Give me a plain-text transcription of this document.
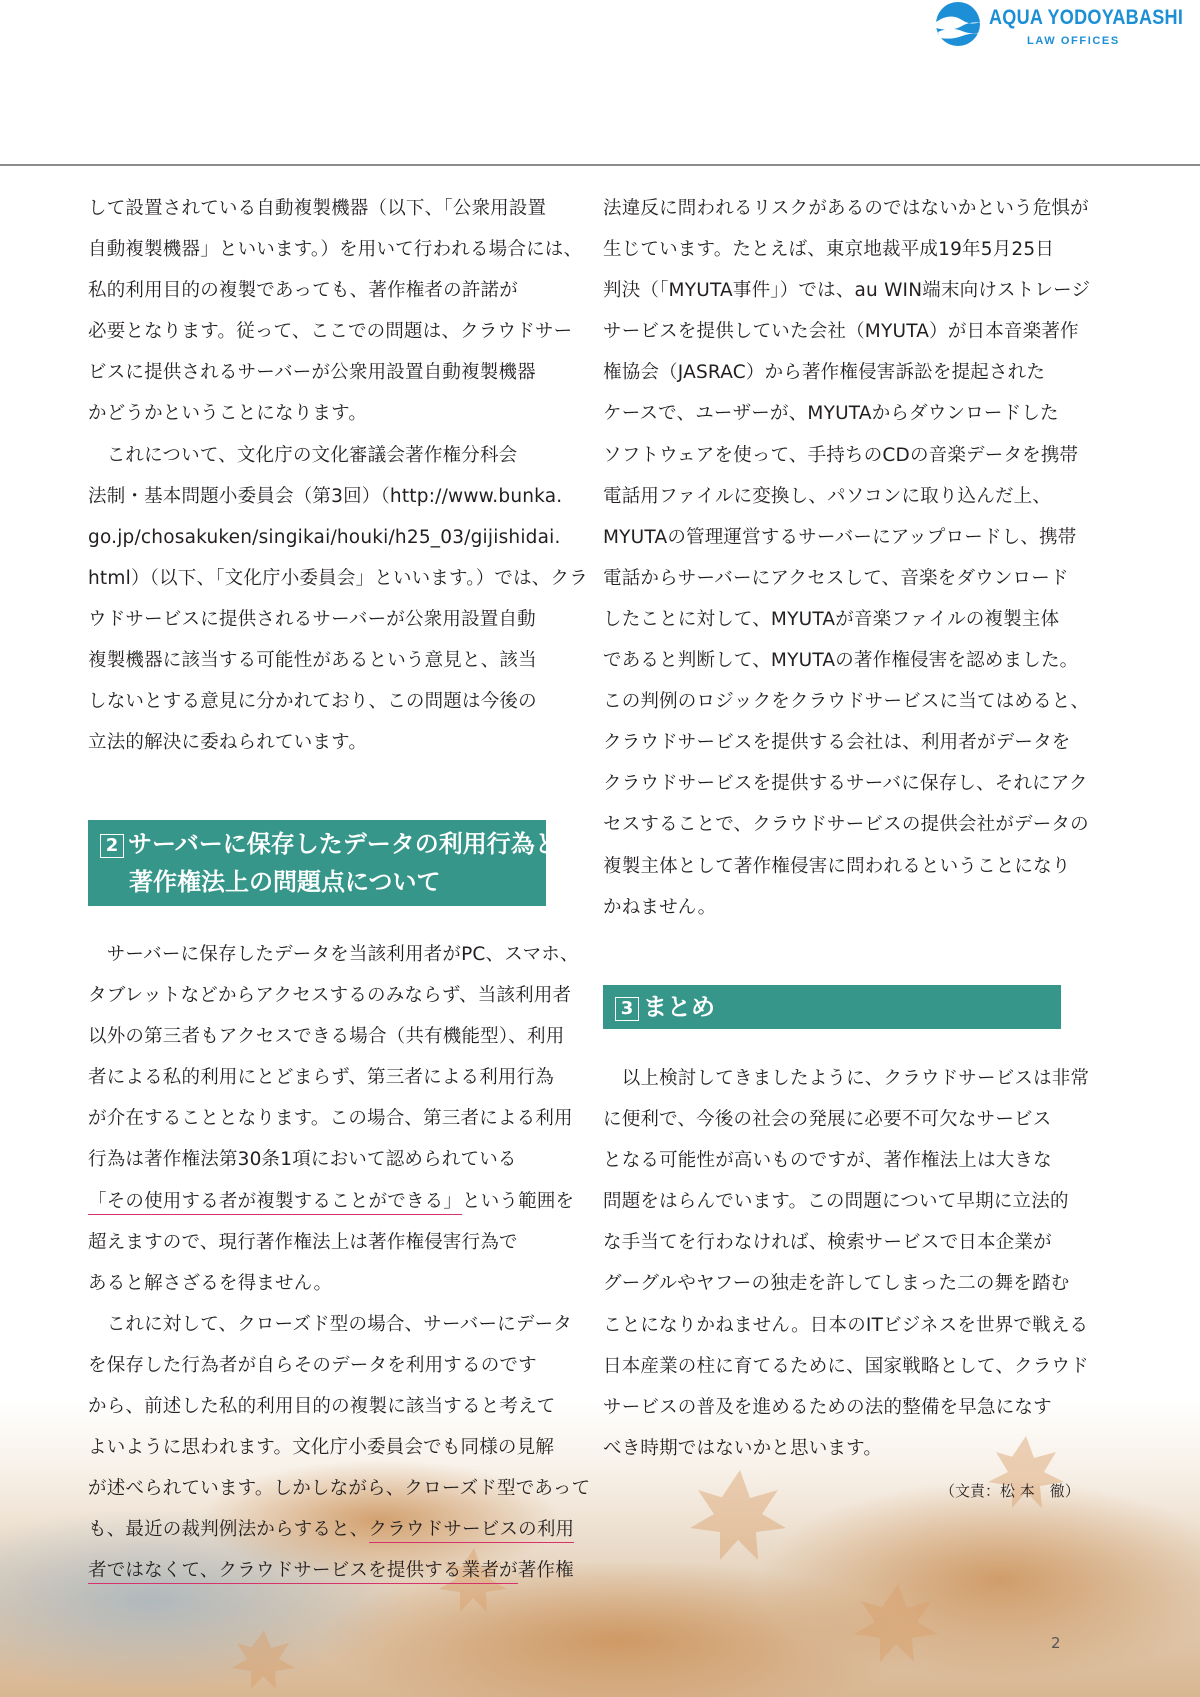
AQUA YODOYABASHI
LAW OFFICES
して設置されている自動複製機器（以下、「公衆用設置
自動複製機器」といいます。）を用いて行われる場合には、
私的利用目的の複製であっても、著作権者の許諾が
必要となります。従って、ここでの問題は、クラウドサー
ビスに提供されるサーバーが公衆用設置自動複製機器
かどうかということになります。
　これについて、文化庁の文化審議会著作権分科会
法制・基本問題小委員会（第3回）（http://www.bunka.
go.jp/chosakuken/singikai/houki/h25_03/gijishidai.
html）（以下、「文化庁小委員会」といいます。）では、クラ
ウドサービスに提供されるサーバーが公衆用設置自動
複製機器に該当する可能性があるという意見と、該当
しないとする意見に分かれており、この問題は今後の
立法的解決に委ねられています。
2 サーバーに保存したデータの利用行為と
著作権法上の問題点について
　サーバーに保存したデータを当該利用者がPC、スマホ、
タブレットなどからアクセスするのみならず、当該利用者
以外の第三者もアクセスできる場合（共有機能型）、利用
者による私的利用にとどまらず、第三者による利用行為
が介在することとなります。この場合、第三者による利用
行為は著作権法第30条1項において認められている
「その使用する者が複製することができる」という範囲を
超えますので、現行著作権法上は著作権侵害行為で
あると解さざるを得ません。
　これに対して、クローズド型の場合、サーバーにデータ
を保存した行為者が自らそのデータを利用するのです
から、前述した私的利用目的の複製に該当すると考えて
よいように思われます。文化庁小委員会でも同様の見解
が述べられています。しかしながら、クローズド型であって
も、最近の裁判例法からすると、クラウドサービスの利用
者ではなくて、クラウドサービスを提供する業者が著作権
法違反に問われるリスクがあるのではないかという危惧が
生じています。たとえば、東京地裁平成19年5月25日
判決（「MYUTA事件」）では、au WIN端末向けストレージ
サービスを提供していた会社（MYUTA）が日本音楽著作
権協会（JASRAC）から著作権侵害訴訟を提起された
ケースで、ユーザーが、MYUTAからダウンロードした
ソフトウェアを使って、手持ちのCDの音楽データを携帯
電話用ファイルに変換し、パソコンに取り込んだ上、
MYUTAの管理運営するサーバーにアップロードし、携帯
電話からサーバーにアクセスして、音楽をダウンロード
したことに対して、MYUTAが音楽ファイルの複製主体
であると判断して、MYUTAの著作権侵害を認めました。
この判例のロジックをクラウドサービスに当てはめると、
クラウドサービスを提供する会社は、利用者がデータを
クラウドサービスを提供するサーバに保存し、それにアク
セスすることで、クラウドサービスの提供会社がデータの
複製主体として著作権侵害に問われるということになり
かねません。
3 まとめ
　以上検討してきましたように、クラウドサービスは非常
に便利で、今後の社会の発展に必要不可欠なサービス
となる可能性が高いものですが、著作権法上は大きな
問題をはらんでいます。この問題について早期に立法的
な手当てを行わなければ、検索サービスで日本企業が
グーグルやヤフーの独走を許してしまった二の舞を踏む
ことになりかねません。日本のITビジネスを世界で戦える
日本産業の柱に育てるために、国家戦略として、クラウド
サービスの普及を進めるための法的整備を早急になす
べき時期ではないかと思います。
（文責：松 本　徹）
2
